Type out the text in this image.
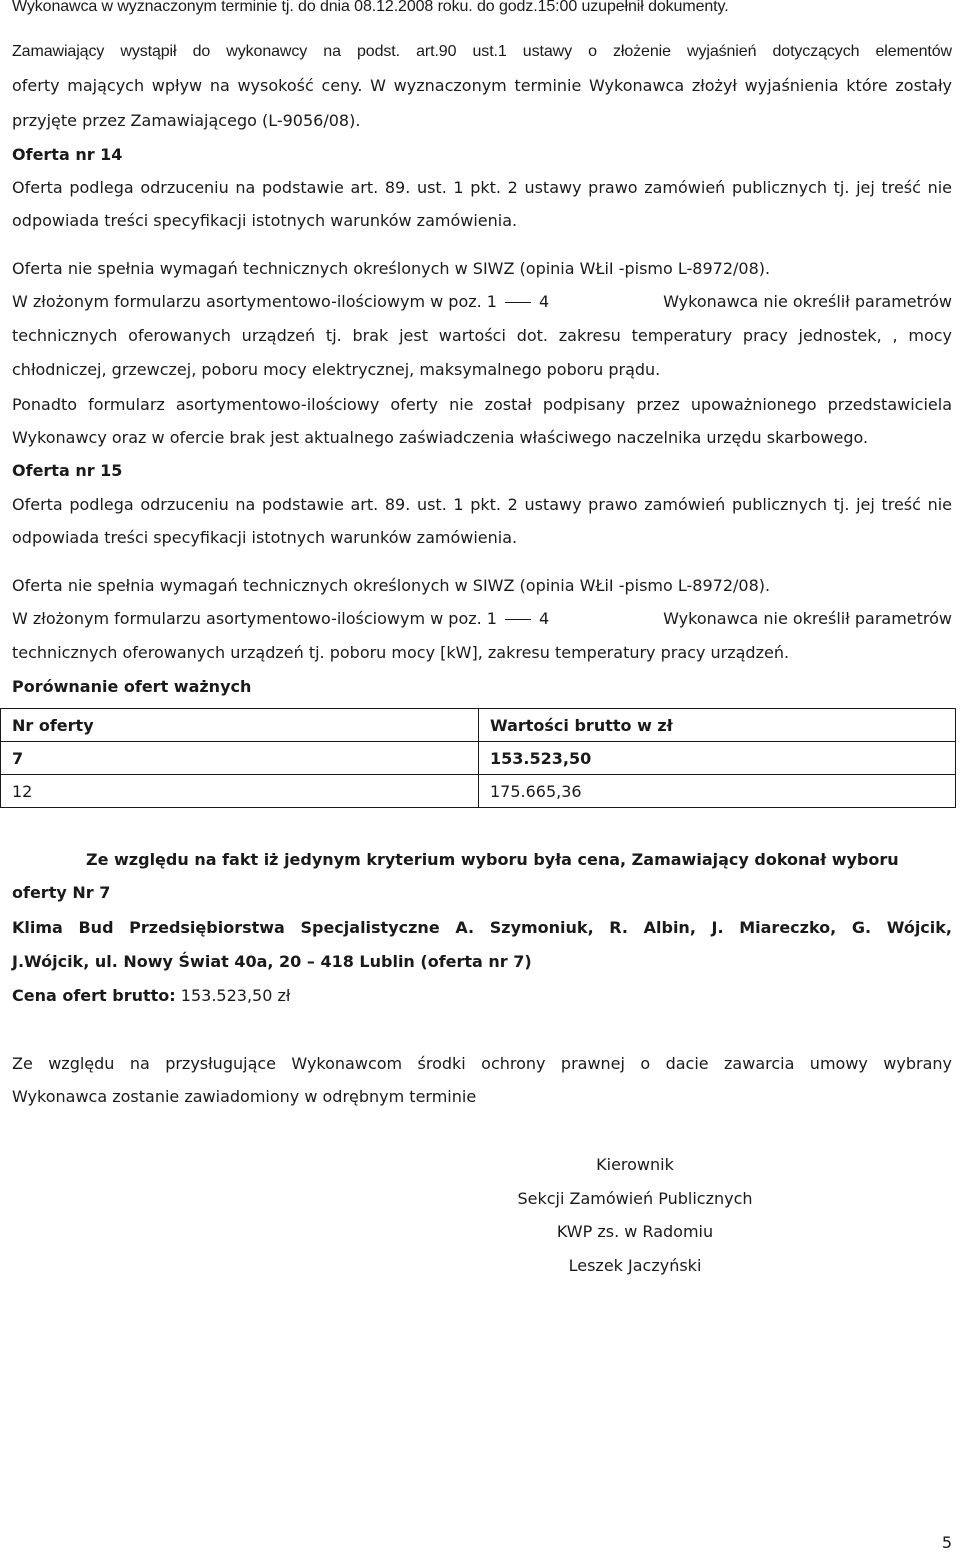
Wykonawca w wyznaczonym terminie tj. do dnia 08.12.2008 roku. do godz.15:00 uzupełnił dokumenty.
Zamawiający wystąpił do wykonawcy na podst. art.90 ust.1 ustawy o złożenie wyjaśnień dotyczących elementów
oferty mających wpływ na wysokość ceny. W wyznaczonym terminie Wykonawca złożył wyjaśnienia które zostały
przyjęte przez Zamawiającego (L-9056/08).
Oferta nr 14
Oferta podlega odrzuceniu na podstawie art. 89. ust. 1 pkt. 2 ustawy prawo zamówień publicznych tj. jej treść nie
odpowiada treści specyfikacji istotnych warunków zamówienia.
Oferta nie spełnia wymagań technicznych określonych w SIWZ (opinia WŁiI -pismo L-8972/08).
W złożonym formularzu asortymentowo-ilościowym w poz. 1	4	Wykonawca nie określił parametrów
technicznych oferowanych urządzeń tj. brak jest wartości dot. zakresu temperatury pracy jednostek, , mocy
chłodniczej, grzewczej, poboru mocy elektrycznej, maksymalnego poboru prądu.
Ponadto formularz asortymentowo-ilościowy oferty nie został podpisany przez upoważnionego przedstawiciela
Wykonawcy oraz w ofercie brak jest aktualnego zaświadczenia właściwego naczelnika urzędu skarbowego.
Oferta nr 15
Oferta podlega odrzuceniu na podstawie art. 89. ust. 1 pkt. 2 ustawy prawo zamówień publicznych tj. jej treść nie
odpowiada treści specyfikacji istotnych warunków zamówienia.
Oferta nie spełnia wymagań technicznych określonych w SIWZ (opinia WŁiI -pismo L-8972/08).
W złożonym formularzu asortymentowo-ilościowym w poz. 1	4	Wykonawca nie określił parametrów
technicznych oferowanych urządzeń tj. poboru mocy [kW], zakresu temperatury pracy urządzeń.
Porównanie ofert ważnych
Nr oferty	Wartości brutto w zł
7	153.523,50
12	175.665,36
Ze względu na fakt iż jedynym kryterium wyboru była cena, Zamawiający dokonał wyboru
oferty Nr 7
Klima Bud Przedsiębiorstwa Specjalistyczne A. Szymoniuk, R. Albin, J. Miareczko, G. Wójcik,
J.Wójcik, ul. Nowy Świat 40a, 20 – 418 Lublin (oferta nr 7)
Cena ofert brutto: 153.523,50 zł
Ze względu na przysługujące Wykonawcom środki ochrony prawnej o dacie zawarcia umowy wybrany
Wykonawca zostanie zawiadomiony w odrębnym terminie
Kierownik
Sekcji Zamówień Publicznych
KWP zs. w Radomiu
Leszek Jaczyński
5
